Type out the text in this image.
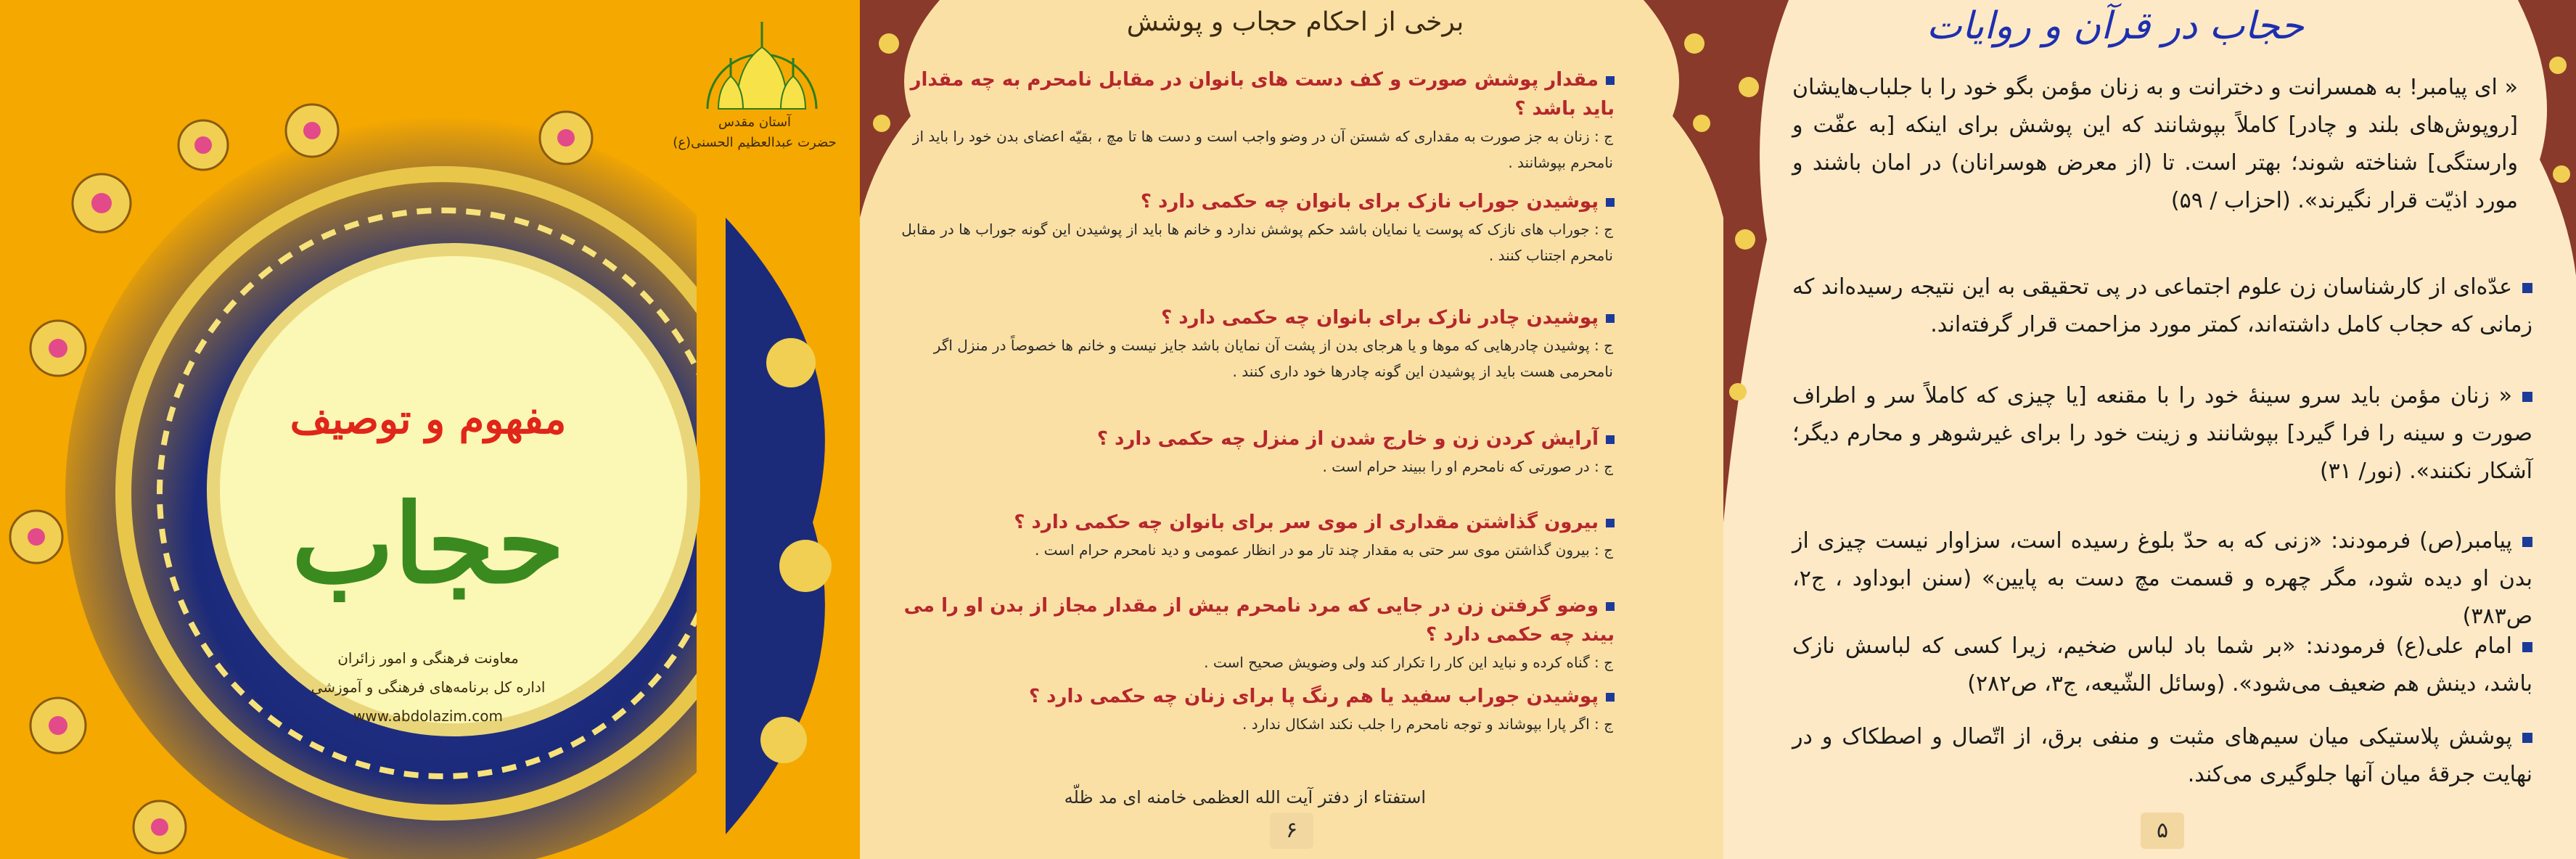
آستان مقدس
حضرت عبدالعظیم الحسنی(ع)
مفهوم و توصیف
حجاب
معاونت فرهنگی و امور زائران
اداره کل برنامه‌های فرهنگی و آموزشی
www.abdolazim.com
برخی از احکام حجاب و پوشش
مقدار پوشش صورت و کف دست های بانوان در مقابل نامحرم به چه مقدار باید باشد ؟
ج : زنان به جز صورت به مقداری که شستن آن در وضو واجب است و دست ها تا مچ ، بقیّه اعضای بدن خود را باید از نامحرم بپوشانند .
پوشیدن جوراب نازک برای بانوان چه حکمی دارد ؟
ج : جوراب های نازک که پوست یا نمایان باشد حکم پوشش ندارد و خانم ها باید از پوشیدن این گونه جوراب ها در مقابل نامحرم اجتناب کنند .
پوشیدن چادر نازک برای بانوان چه حکمی دارد ؟
ج : پوشیدن چادرهایی که موها و یا هرجای بدن از پشت آن نمایان باشد جایز نیست و خانم ها خصوصاً در منزل اگر نامحرمی هست باید از پوشیدن این گونه چادرها خود داری کنند .
آرایش کردن زن و خارج شدن از منزل چه حکمی دارد ؟
ج : در صورتی که نامحرم او را ببیند حرام است .
بیرون گذاشتن مقداری از موی سر برای بانوان چه حکمی دارد ؟
ج : بیرون گذاشتن موی سر حتی به مقدار چند تار مو در انظار عمومی و دید نامحرم حرام است .
وضو گرفتن زن در جایی که مرد نامحرم بیش از مقدار مجاز از بدن او را می بیند چه حکمی دارد ؟
ج : گناه کرده و نباید این کار را تکرار کند ولی وضویش صحیح است .
پوشیدن جوراب سفید یا هم رنگ پا برای زنان چه حکمی دارد ؟
ج : اگر پارا بپوشاند و توجه نامحرم را جلب نکند اشکال ندارد .
استفتاء از دفتر آیت الله العظمی خامنه ای مد ظلّه
۶
حجاب در قرآن و روایات
« ای پیامبر! به همسرانت و دخترانت و به زنان مؤمن بگو خود را با جلباب‌هایشان [روپوش‌های بلند و چادر] کاملاً بپوشانند که این پوشش برای اینکه [به عفّت و وارستگی] شناخته شوند؛ بهتر است. تا (از معرض هوسرانان) در امان باشند و مورد اذیّت قرار نگیرند». (احزاب / ۵۹)
عدّه‌ای از کارشناسان زن علوم اجتماعی در پی تحقیقی به این نتیجه رسیده‌اند که زمانی که حجاب کامل داشته‌اند، کمتر مورد مزاحمت قرار گرفته‌اند.
« زنان مؤمن باید سرو سینهٔ خود را با مقنعه [یا چیزی که کاملاً سر و اطراف صورت و سینه را فرا گیرد] بپوشانند و زینت خود را برای غیرشوهر و محارم دیگر؛ آشکار نکنند». (نور/ ۳۱)
پیامبر(ص) فرمودند: «زنی که به حدّ بلوغ رسیده است، سزاوار نیست چیزی از بدن او دیده شود، مگر چهره و قسمت مچ دست به پایین» (سنن ابوداود ، ج۲، ص۳۸۳)
امام علی(ع) فرمودند: «بر شما باد لباس ضخیم، زیرا کسی که لباسش نازک باشد، دینش هم ضعیف می‌شود». (وسائل الشّیعه، ج۳، ص۲۸۲)
پوشش پلاستیکی میان سیم‌های مثبت و منفی برق، از اتّصال و اصطکاک و در نهایت جرقهٔ میان آنها جلوگیری می‌کند.
۵
